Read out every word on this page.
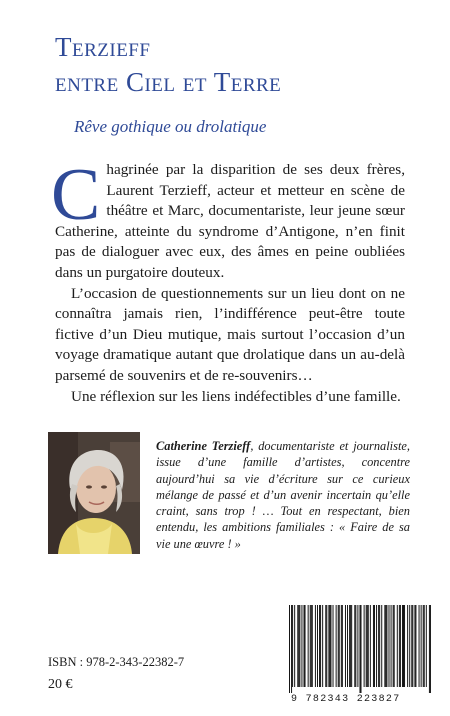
Terzieff
entre Ciel et Terre
Rêve gothique ou drolatique

Chagrinée par la disparition de ses deux frères, Laurent Terzieff, acteur et metteur en scène de théâtre et Marc, documentariste, leur jeune sœur Catherine, atteinte du syndrome d’Antigone, n’en finit pas de dialoguer avec eux, des âmes en peine oubliées dans un purgatoire douteux.

L’occasion de questionnements sur un lieu dont on ne connaîtra jamais rien, l’indifférence peut-être toute fictive d’un Dieu mutique, mais surtout l’occasion d’un voyage dramatique autant que drolatique dans un au-delà parsemé de souvenirs et de re-souvenirs…

Une réflexion sur les liens indéfectibles d’une famille.

Catherine Terzieff, documentariste et journaliste, issue d’une famille d’artistes, concentre aujourd’hui sa vie d’écriture sur ce curieux mélange de passé et d’un avenir incertain qu’elle craint, sans trop ! … Tout en respectant, bien entendu, les ambitions familiales : « Faire de sa vie une œuvre ! »

ISBN : 978-2-343-22382-7
20 €
9 782343 223827
